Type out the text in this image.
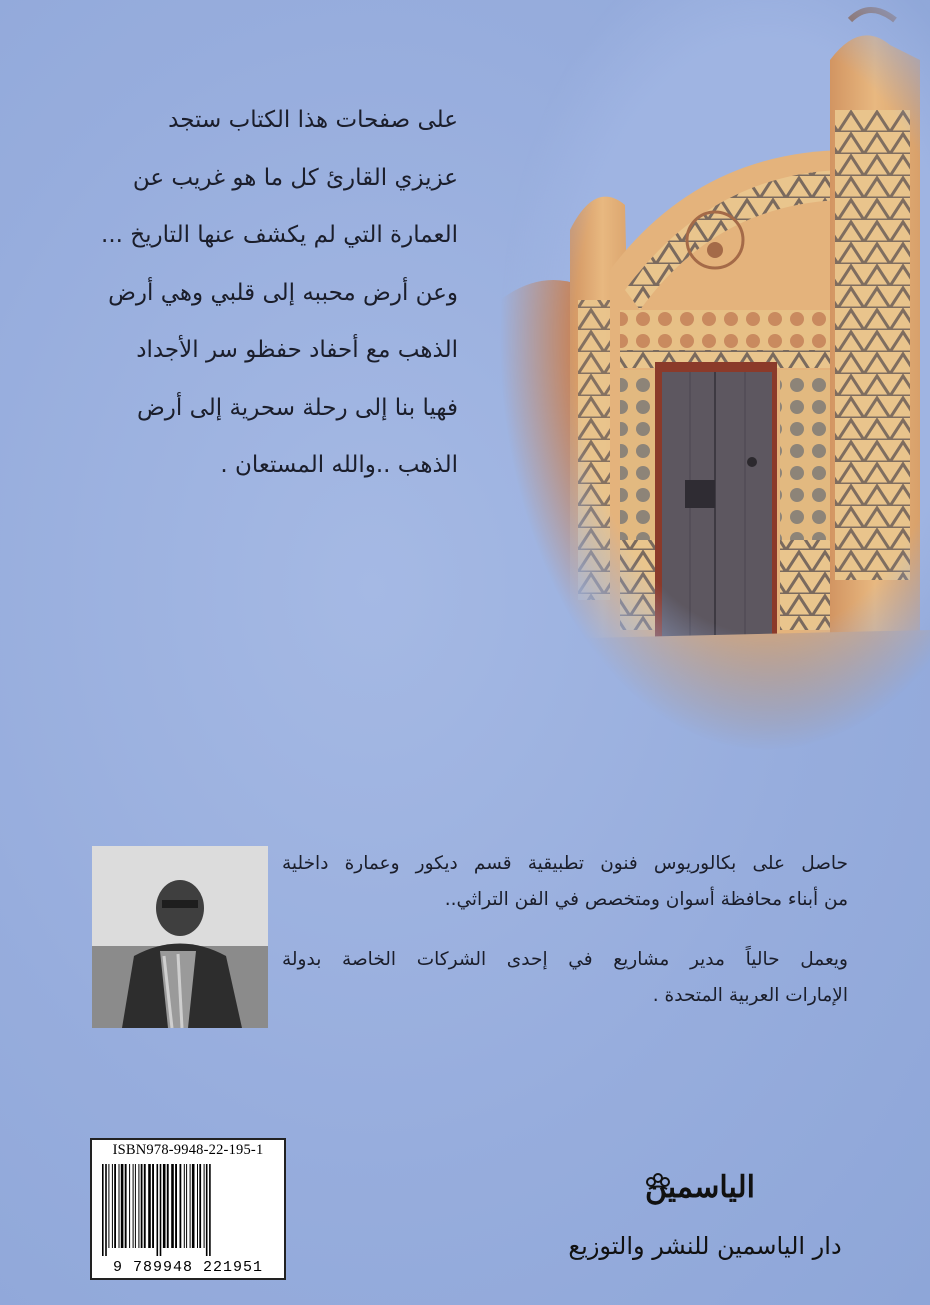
على صفحات هذا الكتاب ستجد
عزيزي القارئ كل ما هو غريب عن
العمارة التي لم يكشف عنها التاريخ ...
وعن أرض محببه إلى قلبي وهي أرض
الذهب مع أحفاد حفظو سر الأجداد
فهيا بنا إلى رحلة سحرية إلى أرض
الذهب ..والله المستعان .
حاصل على بكالوريوس فنون تطبيقية قسم ديكور وعمارة داخلية
من أبناء محافظة أسوان ومتخصص في الفن التراثي..
ويعمل حالياً مدير مشاريع في إحدى الشركات الخاصة بدولة
الإمارات العربية المتحدة .
ISBN978-9948-22-195-1
9 789948 221951
الياسمين
دار الياسمين للنشر والتوزيع
